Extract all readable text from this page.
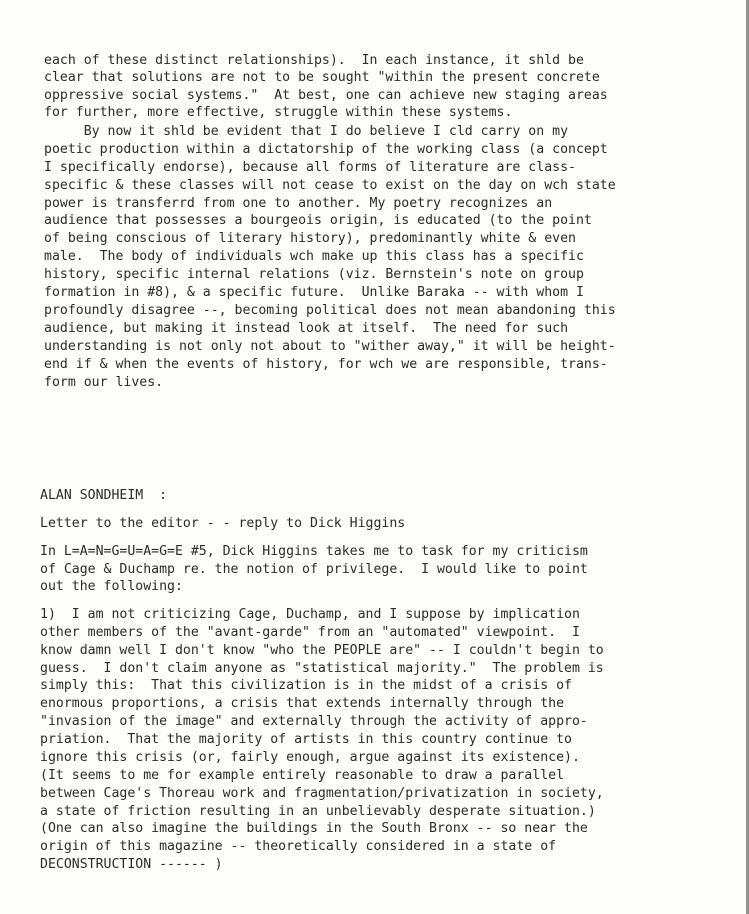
each of these distinct relationships).  In each instance, it shld be
clear that solutions are not to be sought "within the present concrete
oppressive social systems."  At best, one can achieve new staging areas
for further, more effective, struggle within these systems.
By now it shld be evident that I do believe I cld carry on my
poetic production within a dictatorship of the working class (a concept
I specifically endorse), because all forms of literature are class-
specific & these classes will not cease to exist on the day on wch state
power is transferrd from one to another. My poetry recognizes an
audience that possesses a bourgeois origin, is educated (to the point
of being conscious of literary history), predominantly white & even
male.  The body of individuals wch make up this class has a specific
history, specific internal relations (viz. Bernstein's note on group
formation in #8), & a specific future.  Unlike Baraka -- with whom I
profoundly disagree --, becoming political does not mean abandoning this
audience, but making it instead look at itself.  The need for such
understanding is not only not about to "wither away," it will be height-
end if & when the events of history, for wch we are responsible, trans-
form our lives.
ALAN SONDHEIM  :
Letter to the editor - - reply to Dick Higgins
In L=A=N=G=U=A=G=E #5, Dick Higgins takes me to task for my criticism
of Cage & Duchamp re. the notion of privilege.  I would like to point
out the following:
1)  I am not criticizing Cage, Duchamp, and I suppose by implication
other members of the "avant-garde" from an "automated" viewpoint.  I
know damn well I don't know "who the PEOPLE are" -- I couldn't begin to
guess.  I don't claim anyone as "statistical majority."  The problem is
simply this:  That this civilization is in the midst of a crisis of
enormous proportions, a crisis that extends internally through the
"invasion of the image" and externally through the activity of appro-
priation.  That the majority of artists in this country continue to
ignore this crisis (or, fairly enough, argue against its existence).
(It seems to me for example entirely reasonable to draw a parallel
between Cage's Thoreau work and fragmentation/privatization in society,
a state of friction resulting in an unbelievably desperate situation.)
(One can also imagine the buildings in the South Bronx -- so near the
origin of this magazine -- theoretically considered in a state of
DECONSTRUCTION ------ )
